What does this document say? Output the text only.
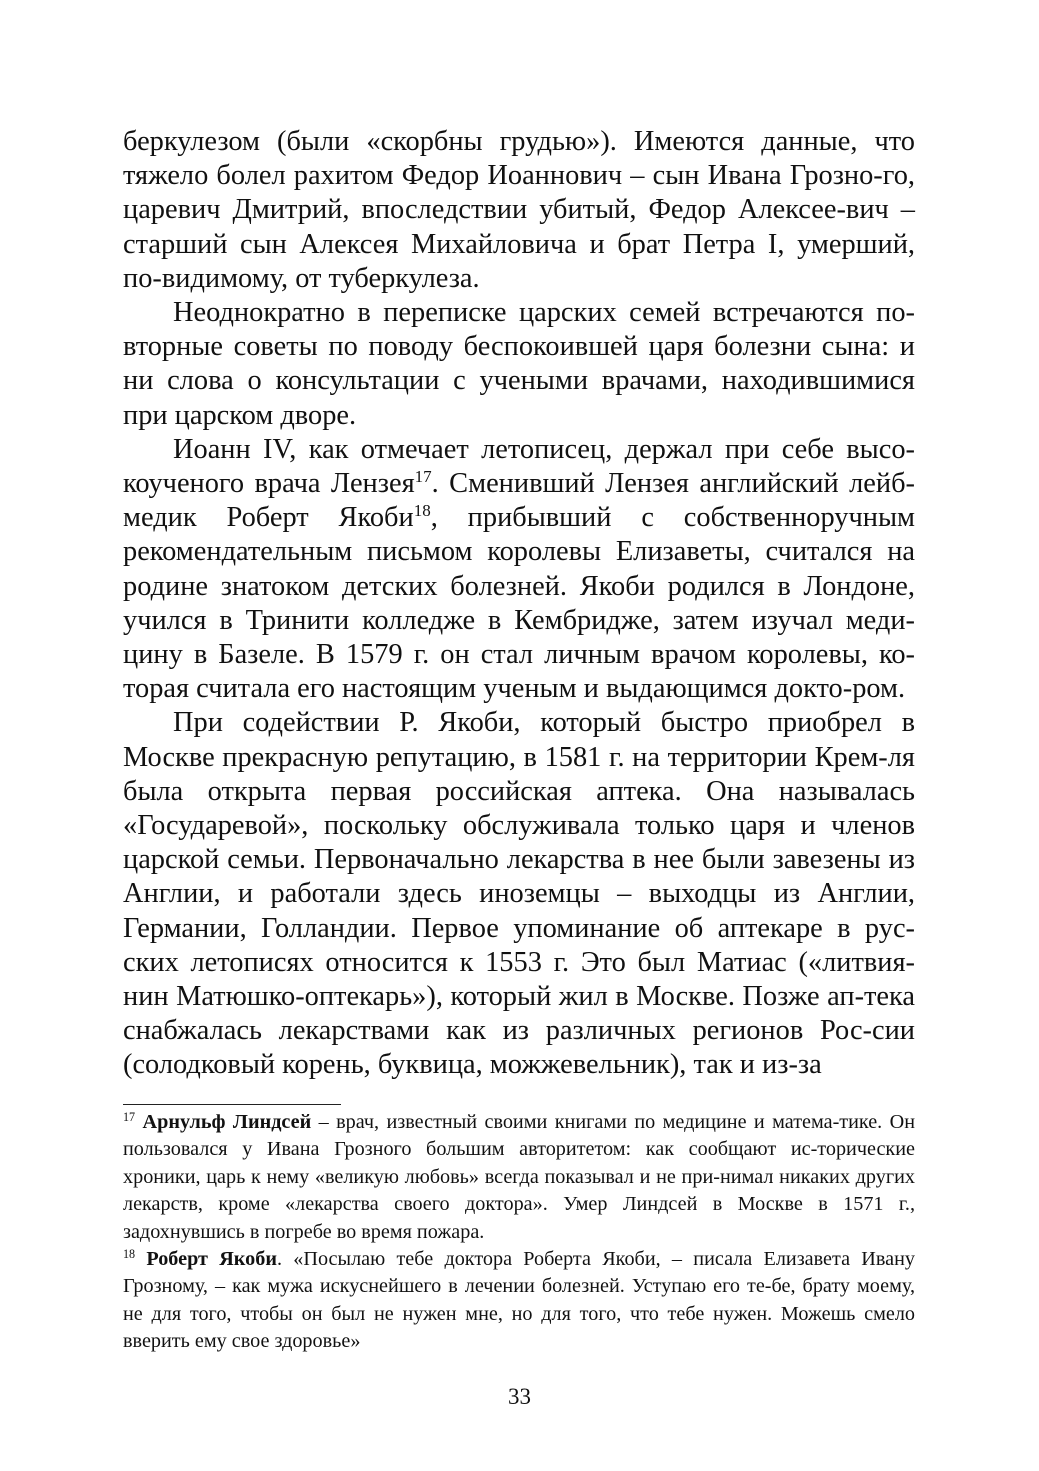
беркулезом (были «скорбны грудью»). Имеются данные, что тяжело болел рахитом Федор Иоаннович – сын Ивана Грозно-го, царевич Дмитрий, впоследствии убитый, Федор Алексее-вич – старший сын Алексея Михайловича и брат Петра I, умерший, по-видимому, от туберкулеза.

Неоднократно в переписке царских семей встречаются по-вторные советы по поводу беспокоившей царя болезни сына: и ни слова о консультации с учеными врачами, находившимися при царском дворе.

Иоанн IV, как отмечает летописец, держал при себе высо-коученого врача Лензея$^{17}$. Сменивший Лензея английский лейб-медик Роберт Якоби$^{18}$, прибывший с собственноручным рекомендательным письмом королевы Елизаветы, считался на родине знатоком детских болезней. Якоби родился в Лондоне, учился в Тринити колледже в Кембридже, затем изучал меди-цину в Базеле. В 1579 г. он стал личным врачом королевы, ко-торая считала его настоящим ученым и выдающимся докто-ром.

При содействии Р. Якоби, который быстро приобрел в Москве прекрасную репутацию, в 1581 г. на территории Крем-ля была открыта первая российская аптека. Она называлась «Государевой», поскольку обслуживала только царя и членов царской семьи. Первоначально лекарства в нее были завезены из Англии, и работали здесь иноземцы – выходцы из Англии, Германии, Голландии. Первое упоминание об аптекаре в рус-ских летописях относится к 1553 г. Это был Матиас («литвия-нин Матюшко-оптекарь»), который жил в Москве. Позже ап-тека снабжалась лекарствами как из различных регионов Рос-сии (солодковый корень, буквица, можжевельник), так и из-за

$^{17}$ Арнульф Линдсей – врач, известный своими книгами по медицине и матема-тике. Он пользовался у Ивана Грозного большим авторитетом: как сообщают ис-торические хроники, царь к нему «великую любовь» всегда показывал и не при-нимал никаких других лекарств, кроме «лекарства своего доктора». Умер Линдсей в Москве в 1571 г., задохнувшись в погребе во время пожара.

$^{18}$ Роберт Якоби. «Посылаю тебе доктора Роберта Якоби, – писала Елизавета Ивану Грозному, – как мужа искуснейшего в лечении болезней. Уступаю его те-бе, брату моему, не для того, чтобы он был не нужен мне, но для того, что тебе нужен. Можешь смело вверить ему свое здоровье»

33
